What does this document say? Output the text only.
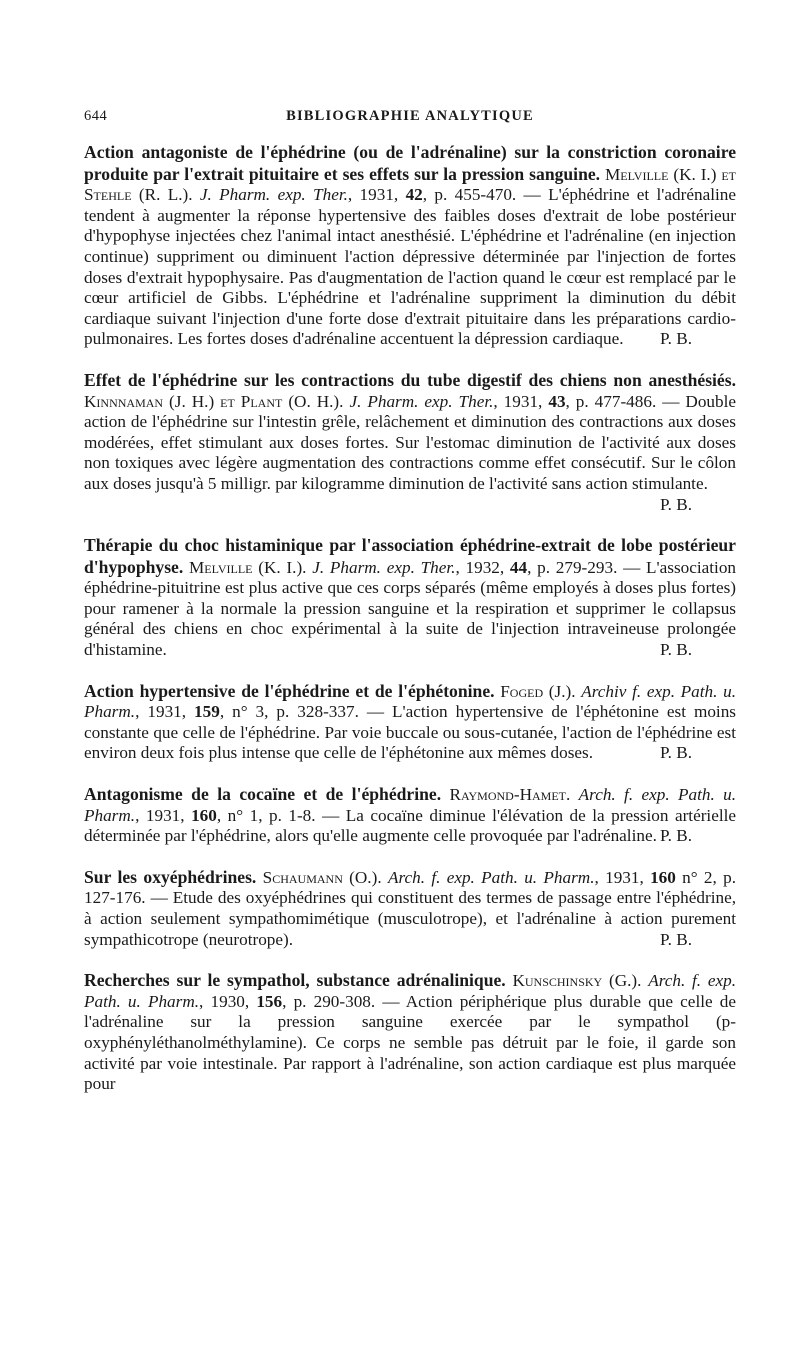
644	BIBLIOGRAPHIE ANALYTIQUE

Action antagoniste de l'éphédrine (ou de l'adrénaline) sur la constriction coronaire produite par l'extrait pituitaire et ses effets sur la pression sanguine. Melville (K. I.) et Stehle (R. L.). J. Pharm. exp. Ther., 1931, 42, p. 455-470. — L'éphédrine et l'adrénaline tendent à augmenter la réponse hypertensive des faibles doses d'extrait de lobe postérieur d'hypophyse injectées chez l'animal intact anesthésié. L'éphédrine et l'adrénaline (en injection continue) suppriment ou diminuent l'action dépressive déterminée par l'injection de fortes doses d'extrait hypophysaire. Pas d'augmentation de l'action quand le cœur est remplacé par le cœur artificiel de Gibbs. L'éphédrine et l'adrénaline suppriment la diminution du débit cardiaque suivant l'injection d'une forte dose d'extrait pituitaire dans les préparations cardio-pulmonaires. Les fortes doses d'adrénaline accentuent la dépression cardiaque. P. B.

Effet de l'éphédrine sur les contractions du tube digestif des chiens non anesthésiés. Kinnnaman (J. H.) et Plant (O. H.). J. Pharm. exp. Ther., 1931, 43, p. 477-486. — Double action de l'éphédrine sur l'intestin grêle, relâchement et diminution des contractions aux doses modérées, effet stimulant aux doses fortes. Sur l'estomac diminution de l'activité aux doses non toxiques avec légère augmentation des contractions comme effet consécutif. Sur le côlon aux doses jusqu'à 5 milligr. par kilogramme diminution de l'activité sans action stimulante.
P. B.

Thérapie du choc histaminique par l'association éphédrine-extrait de lobe postérieur d'hypophyse. Melville (K. I.). J. Pharm. exp. Ther., 1932, 44, p. 279-293. — L'association éphédrine-pituitrine est plus active que ces corps séparés (même employés à doses plus fortes) pour ramener à la normale la pression sanguine et la respiration et supprimer le collapsus général des chiens en choc expérimental à la suite de l'injection intraveineuse prolongée d'histamine.	P. B.

Action hypertensive de l'éphédrine et de l'éphétonine. Foged (J.). Archiv f. exp. Path. u. Pharm., 1931, 159, n° 3, p. 328-337. — L'action hypertensive de l'éphétonine est moins constante que celle de l'éphédrine. Par voie buccale ou sous-cutanée, l'action de l'éphédrine est environ deux fois plus intense que celle de l'éphétonine aux mêmes doses.	P. B.

Antagonisme de la cocaïne et de l'éphédrine. Raymond-Hamet. Arch. f. exp. Path. u. Pharm., 1931, 160, n° 1, p. 1-8. — La cocaïne diminue l'élévation de la pression artérielle déterminée par l'éphédrine, alors qu'elle augmente celle provoquée par l'adrénaline. P. B.

Sur les oxyéphédrines. Schaumann (O.). Arch. f. exp. Path. u. Pharm., 1931, 160 n° 2, p. 127-176. — Etude des oxyéphédrines qui constituent des termes de passage entre l'éphédrine, à action seulement sympathomimétique (musculotrope), et l'adrénaline à action purement sympathicotrope (neurotrope).	P. B.

Recherches sur le sympathol, substance adrénalinique. Kunschinsky (G.). Arch. f. exp. Path. u. Pharm., 1930, 156, p. 290-308. — Action périphérique plus durable que celle de l'adrénaline sur la pression sanguine exercée par le sympathol (p-oxyphényléthanolméthylamine). Ce corps ne semble pas détruit par le foie, il garde son activité par voie intestinale. Par rapport à l'adrénaline, son action cardiaque est plus marquée pour
